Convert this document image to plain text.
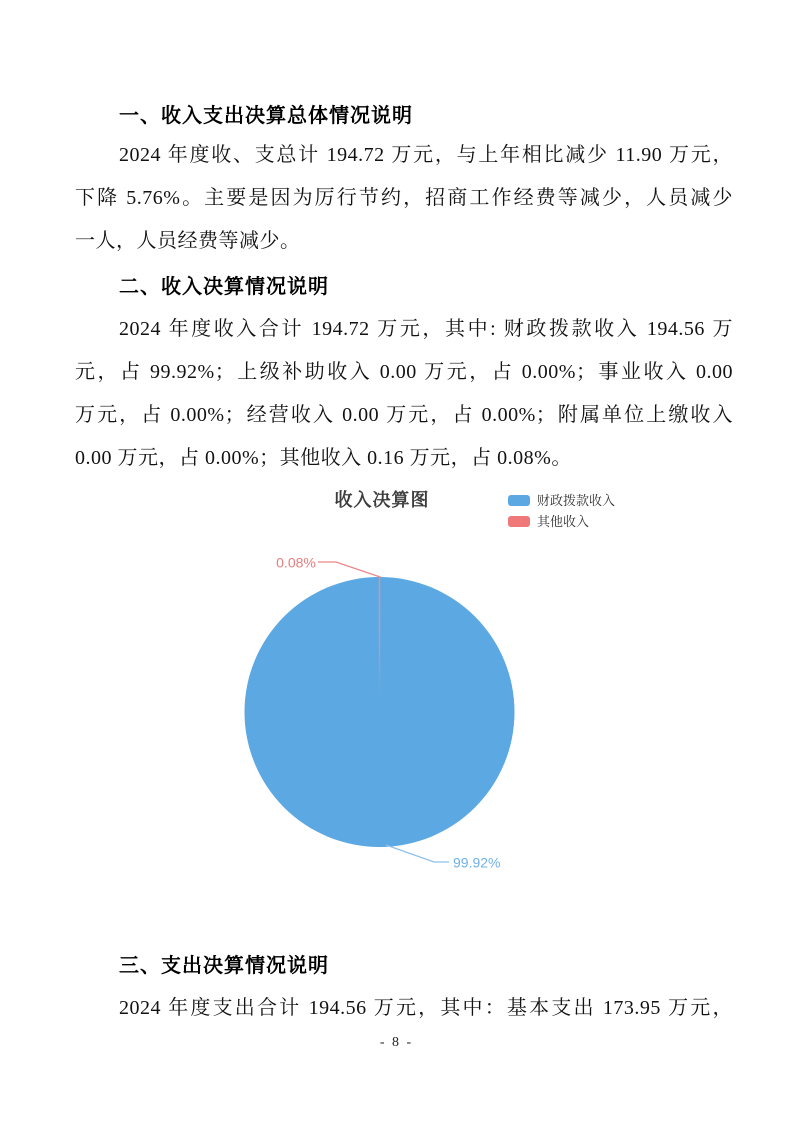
一、收入支出决算总体情况说明
2024 年度收、支总计 194.72 万元，与上年相比减少 11.90 万元，
下降 5.76%。主要是因为厉行节约，招商工作经费等减少，人员减少
一人，人员经费等减少。
二、收入决算情况说明
2024 年度收入合计 194.72 万元，其中: 财政拨款收入 194.56 万
元，占 99.92%；上级补助收入 0.00 万元，占 0.00%；事业收入 0.00
万元，占 0.00%；经营收入 0.00 万元，占 0.00%；附属单位上缴收入
0.00 万元，占 0.00%；其他收入 0.16 万元，占 0.08%。
收入决算图	财政拨款收入
其他收入
0.08%
99.92%
三、支出决算情况说明
2024 年度支出合计 194.56 万元，其中：基本支出 173.95 万元，
- 8 -
